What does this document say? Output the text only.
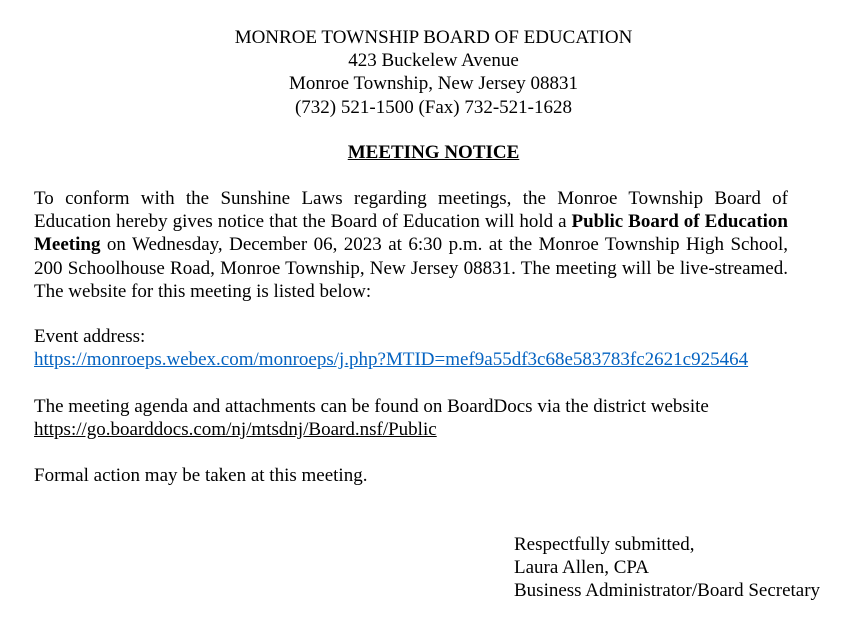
MONROE TOWNSHIP BOARD OF EDUCATION
423 Buckelew Avenue
Monroe Township, New Jersey 08831
(732) 521-1500 (Fax) 732-521-1628
MEETING NOTICE
To conform with the Sunshine Laws regarding meetings, the Monroe Township Board of Education hereby gives notice that the Board of Education will hold a Public Board of Education Meeting on Wednesday, December 06, 2023 at 6:30 p.m. at the Monroe Township High School, 200 Schoolhouse Road, Monroe Township, New Jersey 08831. The meeting will be live-streamed. The website for this meeting is listed below:
Event address:
https://monroeps.webex.com/monroeps/j.php?MTID=mef9a55df3c68e583783fc2621c925464
The meeting agenda and attachments can be found on BoardDocs via the district website
https://go.boarddocs.com/nj/mtsdnj/Board.nsf/Public
Formal action may be taken at this meeting.
Respectfully submitted,
Laura Allen, CPA
Business Administrator/Board Secretary
